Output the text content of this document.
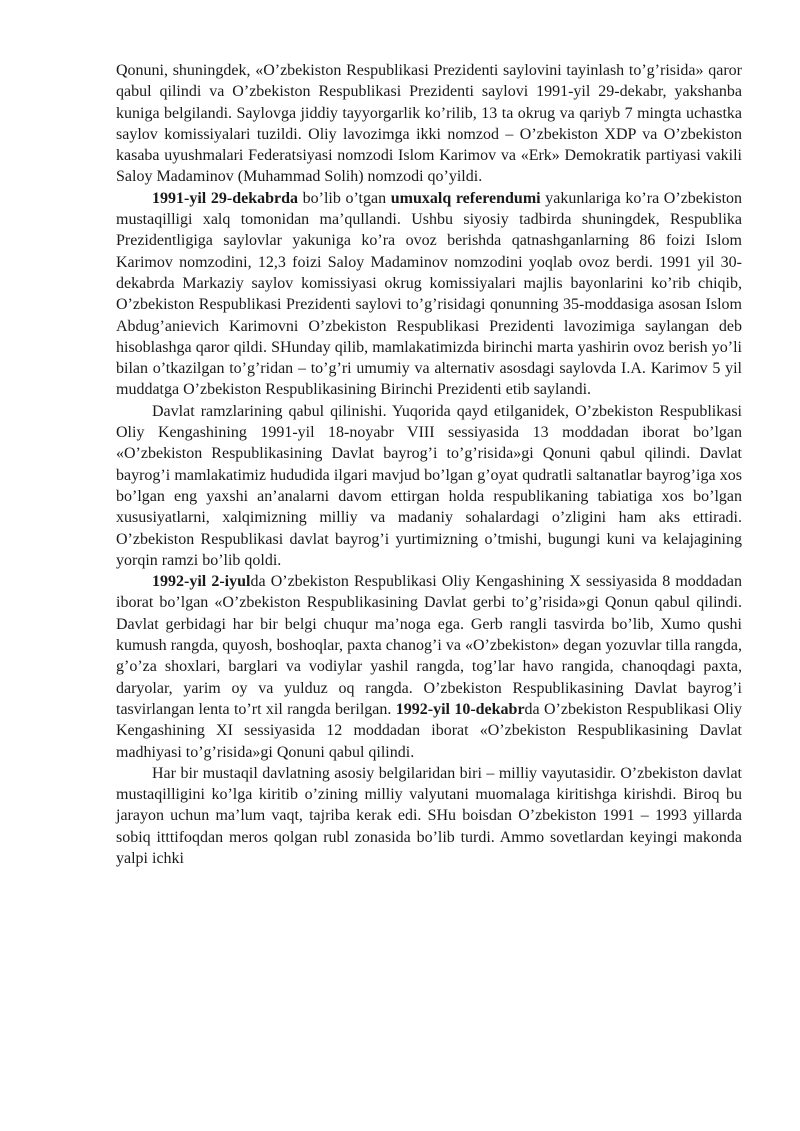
Qonuni, shuningdek, «O’zbekiston Respublikasi Prezidenti saylovini tayinlash to’g’risida» qaror qabul qilindi va O’zbekiston Respublikasi Prezidenti saylovi 1991-yil 29-dekabr, yakshanba kuniga belgilandi. Saylovga jiddiy tayyorgarlik ko’rilib, 13 ta okrug va qariyb 7 mingta uchastka saylov komissiyalari tuzildi. Oliy lavozimga ikki nomzod – O’zbekiston XDP va O’zbekiston kasaba uyushmalari Federatsiyasi nomzodi Islom Karimov va «Erk» Demokratik partiyasi vakili Saloy Madaminov (Muhammad Solih) nomzodi qo’yildi.

1991-yil 29-dekabrda bo’lib o’tgan umuxalq referendumi yakunlariga ko’ra O’zbekiston mustaqilligi xalq tomonidan ma’qullandi. Ushbu siyosiy tadbirda shuningdek, Respublika Prezidentligiga saylovlar yakuniga ko’ra ovoz berishda qatnashganlarning 86 foizi Islom Karimov nomzodini, 12,3 foizi Saloy Madaminov nomzodini yoqlab ovoz berdi. 1991 yil 30-dekabrda Markaziy saylov komissiyasi okrug komissiyalari majlis bayonlarini ko’rib chiqib, O’zbekiston Respublikasi Prezidenti saylovi to’g’risidagi qonunning 35-moddasiga asosan Islom Abdug’anievich Karimovni O’zbekiston Respublikasi Prezidenti lavozimiga saylangan deb hisoblashga qaror qildi. SHunday qilib, mamlakatimizda birinchi marta yashirin ovoz berish yo’li bilan o’tkazilgan to’g’ridan – to’g’ri umumiy va alternativ asosdagi saylovda I.A. Karimov 5 yil muddatga O’zbekiston Respublikasining Birinchi Prezidenti etib saylandi.

Davlat ramzlarining qabul qilinishi. Yuqorida qayd etilganidek, O’zbekiston Respublikasi Oliy Kengashining 1991-yil 18-noyabr VIII sessiyasida 13 moddadan iborat bo’lgan «O’zbekiston Respublikasining Davlat bayrog’i to’g’risida»gi Qonuni qabul qilindi. Davlat bayrog’i mamlakatimiz hududida ilgari mavjud bo’lgan g’oyat qudratli saltanatlar bayrog’iga xos bo’lgan eng yaxshi an’analarni davom ettirgan holda respublikaning tabiatiga xos bo’lgan xususiyatlarni, xalqimizning milliy va madaniy sohalardagi o’zligini ham aks ettiradi. O’zbekiston Respublikasi davlat bayrog’i yurtimizning o’tmishi, bugungi kuni va kelajagining yorqin ramzi bo’lib qoldi.

1992-yil 2-iyulda O’zbekiston Respublikasi Oliy Kengashining X sessiyasida 8 moddadan iborat bo’lgan «O’zbekiston Respublikasining Davlat gerbi to’g’risida»gi Qonun qabul qilindi. Davlat gerbidagi har bir belgi chuqur ma’noga ega. Gerb rangli tasvirda bo’lib, Xumo qushi kumush rangda, quyosh, boshoqlar, paxta chanog’i va «O’zbekiston» degan yozuvlar tilla rangda, g’o’za shoxlari, barglari va vodiylar yashil rangda, tog’lar havo rangida, chanoqdagi paxta, daryolar, yarim oy va yulduz oq rangda. O’zbekiston Respublikasining Davlat bayrog’i tasvirlangan lenta to’rt xil rangda berilgan. 1992-yil 10-dekabrda O’zbekiston Respublikasi Oliy Kengashining XI sessiyasida 12 moddadan iborat «O’zbekiston Respublikasining Davlat madhiyasi to’g’risida»gi Qonuni qabul qilindi.

Har bir mustaqil davlatning asosiy belgilaridan biri – milliy vayutasidir. O’zbekiston davlat mustaqilligini ko’lga kiritib o’zining milliy valyutani muomalaga kiritishga kirishdi. Biroq bu jarayon uchun ma’lum vaqt, tajriba kerak edi. SHu boisdan O’zbekiston 1991 – 1993 yillarda sobiq itttifoqdan meros qolgan rubl zonasida bo’lib turdi. Ammo sovetlardan keyingi makonda yalpi ichki
